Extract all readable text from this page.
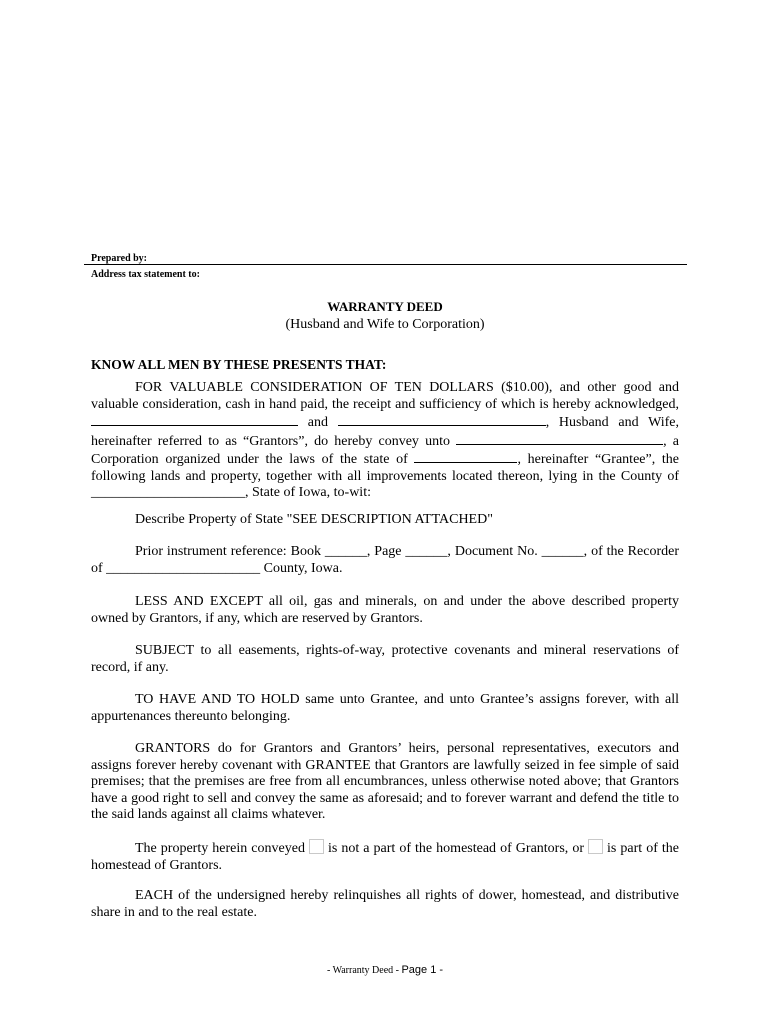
Prepared by:
Address tax statement to:
WARRANTY DEED
(Husband and Wife to Corporation)
KNOW ALL MEN BY THESE PRESENTS THAT:

FOR VALUABLE CONSIDERATION OF TEN DOLLARS ($10.00), and other good and valuable consideration, cash in hand paid, the receipt and sufficiency of which is hereby acknowledged,  and	, Husband and Wife, hereinafter referred to as “Grantors”, do hereby convey unto	, a Corporation organized under the laws of the state of	, hereinafter “Grantee”, the following lands and property, together with all improvements located thereon, lying in the County of ______________________, State of Iowa, to-wit:

Describe Property of State "SEE DESCRIPTION ATTACHED"

Prior instrument reference: Book ______, Page ______, Document No. ______, of the Recorder of ______________________ County, Iowa.

LESS AND EXCEPT all oil, gas and minerals, on and under the above described property owned by Grantors, if any, which are reserved by Grantors.

SUBJECT to all easements, rights-of-way, protective covenants and mineral reservations of record, if any.

TO HAVE AND TO HOLD same unto Grantee, and unto Grantee’s assigns forever, with all appurtenances thereunto belonging.

GRANTORS do for Grantors and Grantors’ heirs, personal representatives, executors and assigns forever hereby covenant with GRANTEE that Grantors are lawfully seized in fee simple of said premises; that the premises are free from all encumbrances, unless otherwise noted above; that Grantors have a good right to sell and convey the same as aforesaid; and to forever warrant and defend the title to the said lands against all claims whatever.

The property herein conveyed is not a part of the homestead of Grantors, or is part of the homestead of Grantors.

EACH of the undersigned hereby relinquishes all rights of dower, homestead, and distributive share in and to the real estate.

- Warranty Deed - Page 1 -
